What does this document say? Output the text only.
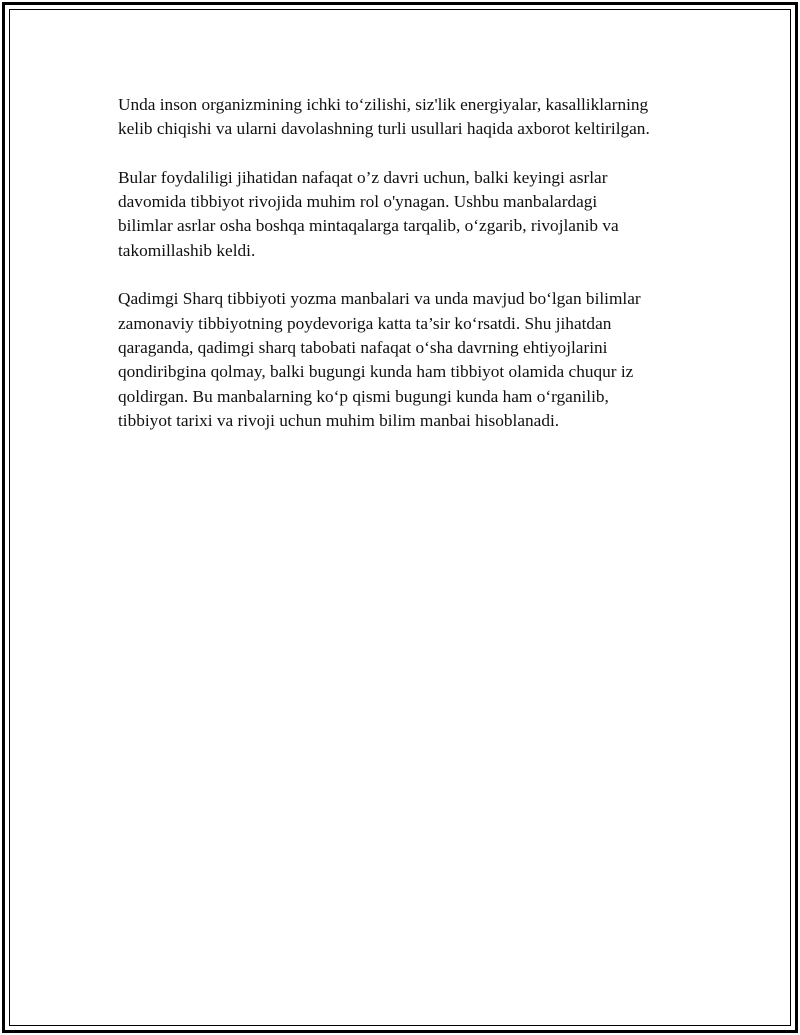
Unda inson organizmining ichki to‘zilishi, siz'lik energiyalar, kasalliklarning
kelib chiqishi va ularni davolashning turli usullari haqida axborot keltirilgan.

Bular foydaliligi jihatidan nafaqat o’z davri uchun, balki keyingi asrlar
davomida tibbiyot rivojida muhim rol o'ynagan. Ushbu manbalardagi
bilimlar asrlar osha boshqa mintaqalarga tarqalib, o‘zgarib, rivojlanib va
takomillashib keldi.

Qadimgi Sharq tibbiyoti yozma manbalari va unda mavjud bo‘lgan bilimlar
zamonaviy tibbiyotning poydevoriga katta ta’sir ko‘rsatdi. Shu jihatdan
qaraganda, qadimgi sharq tabobati nafaqat o‘sha davrning ehtiyojlarini
qondiribgina qolmay, balki bugungi kunda ham tibbiyot olamida chuqur iz
qoldirgan. Bu manbalarning ko‘p qismi bugungi kunda ham o‘rganilib,
tibbiyot tarixi va rivoji uchun muhim bilim manbai hisoblanadi.
